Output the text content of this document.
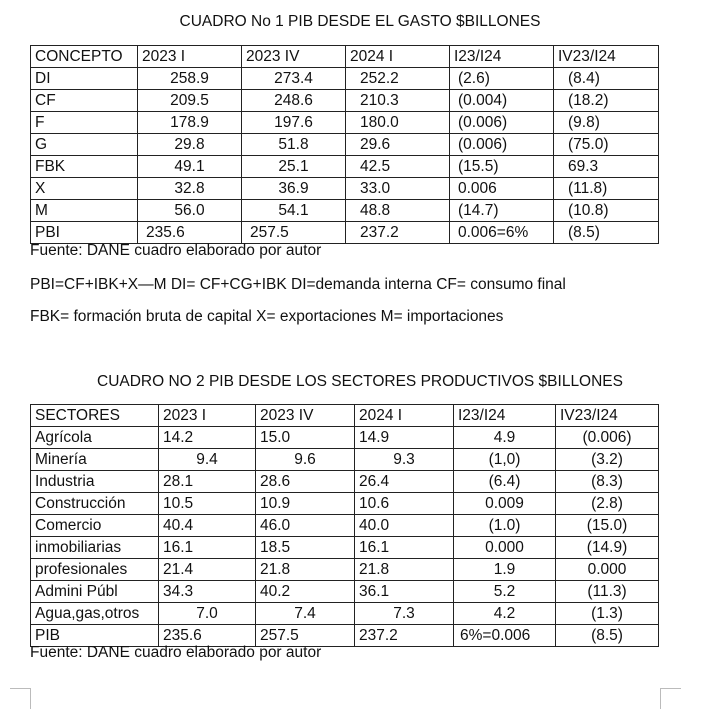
CUADRO No 1 PIB DESDE EL GASTO $BILLONES
CONCEPTO	2023 I	2023 IV	2024 I	I23/I24	IV23/I24
DI	258.9	273.4	252.2	(2.6)	(8.4)
CF	209.5	248.6	210.3	(0.004)	(18.2)
F	178.9	197.6	180.0	(0.006)	(9.8)
G	29.8	51.8	29.6	(0.006)	(75.0)
FBK	49.1	25.1	42.5	(15.5)	69.3
X	32.8	36.9	33.0	0.006	(11.8)
M	56.0	54.1	48.8	(14.7)	(10.8)
PBI	235.6	257.5	237.2	0.006=6%	(8.5)
Fuente: DANE cuadro elaborado por autor
PBI=CF+IBK+X—M DI= CF+CG+IBK DI=demanda interna CF= consumo final
FBK= formación bruta de capital X= exportaciones M= importaciones
CUADRO NO 2 PIB DESDE LOS SECTORES PRODUCTIVOS $BILLONES
SECTORES	2023 I	2023 IV	2024 I	I23/I24	IV23/I24
Agrícola	14.2	15.0	14.9	4.9	(0.006)
Minería	9.4	9.6	9.3	(1,0)	(3.2)
Industria	28.1	28.6	26.4	(6.4)	(8.3)
Construcción	10.5	10.9	10.6	0.009	(2.8)
Comercio	40.4	46.0	40.0	(1.0)	(15.0)
inmobiliarias	16.1	18.5	16.1	0.000	(14.9)
profesionales	21.4	21.8	21.8	1.9	0.000
Admini Públ	34.3	40.2	36.1	5.2	(11.3)
Agua,gas,otros	7.0	7.4	7.3	4.2	(1.3)
PIB	235.6	257.5	237.2	6%=0.006	(8.5)
Fuente: DANE cuadro elaborado por autor
